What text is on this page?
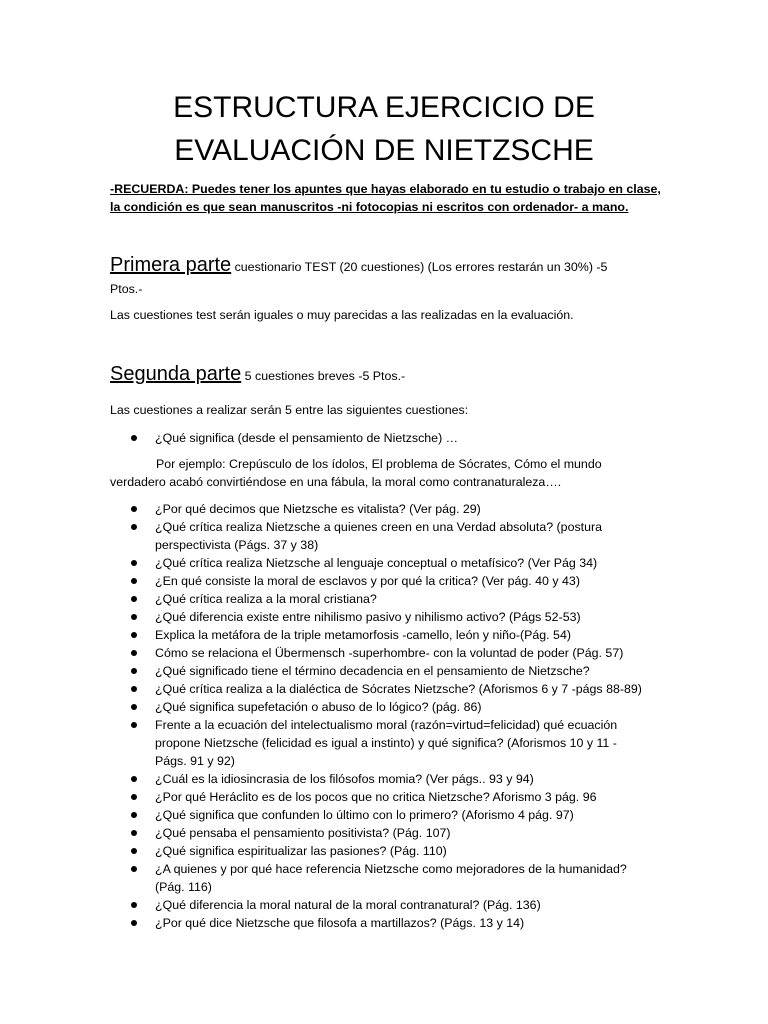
ESTRUCTURA EJERCICIO DE
EVALUACIÓN DE NIETZSCHE
-RECUERDA: Puedes tener los apuntes que hayas elaborado en tu estudio o trabajo en clase,
la condición es que sean manuscritos -ni fotocopias ni escritos con ordenador- a mano.
Primera parte cuestionario TEST (20 cuestiones) (Los errores restarán un 30%) -5
Ptos.-
Las cuestiones test serán iguales o muy parecidas a las realizadas en la evaluación.
Segunda parte 5 cuestiones breves -5 Ptos.-
Las cuestiones a realizar serán 5 entre las siguientes cuestiones:
¿Qué significa (desde el pensamiento de Nietzsche) …
Por ejemplo: Crepúsculo de los ídolos, El problema de Sócrates, Cómo el mundo
verdadero acabó convirtiéndose en una fábula, la moral como contranaturaleza….
¿Por qué decimos que Nietzsche es vitalista? (Ver pág. 29)
¿Qué crítica realiza Nietzsche a quienes creen en una Verdad absoluta? (postura
perspectivista (Págs. 37 y 38)
¿Qué crítica realiza Nietzsche al lenguaje conceptual o metafísico? (Ver Pág 34)
¿En qué consiste la moral de esclavos y por qué la critica? (Ver pág. 40 y 43)
¿Qué crítica realiza a la moral cristiana?
¿Qué diferencia existe entre nihilismo pasivo y nihilismo activo? (Págs 52-53)
Explica la metáfora de la triple metamorfosis -camello, león y niño-(Pág. 54)
Cómo se relaciona el Übermensch -superhombre- con la voluntad de poder (Pág. 57)
¿Qué significado tiene el término decadencia en el pensamiento de Nietzsche?
¿Qué crítica realiza a la dialéctica de Sócrates Nietzsche? (Aforismos 6 y 7 -págs 88-89)
¿Qué significa supefetación o abuso de lo lógico? (pág. 86)
Frente a la ecuación del intelectualismo moral (razón=virtud=felicidad) qué ecuación
propone Nietzsche (felicidad es igual a instinto) y qué significa? (Aforismos 10 y 11 -
Págs. 91 y 92)
¿Cuál es la idiosincrasia de los filósofos momia? (Ver págs.. 93 y 94)
¿Por qué Heráclito es de los pocos que no critica Nietzsche? Aforismo 3 pág. 96
¿Qué significa que confunden lo último con lo primero? (Aforismo 4 pág. 97)
¿Qué pensaba el pensamiento positivista? (Pág. 107)
¿Qué significa espiritualizar las pasiones? (Pág. 110)
¿A quienes y por qué hace referencia Nietzsche como mejoradores de la humanidad?
(Pág. 116)
¿Qué diferencia la moral natural de la moral contranatural? (Pág. 136)
¿Por qué dice Nietzsche que filosofa a martillazos? (Págs. 13 y 14)
